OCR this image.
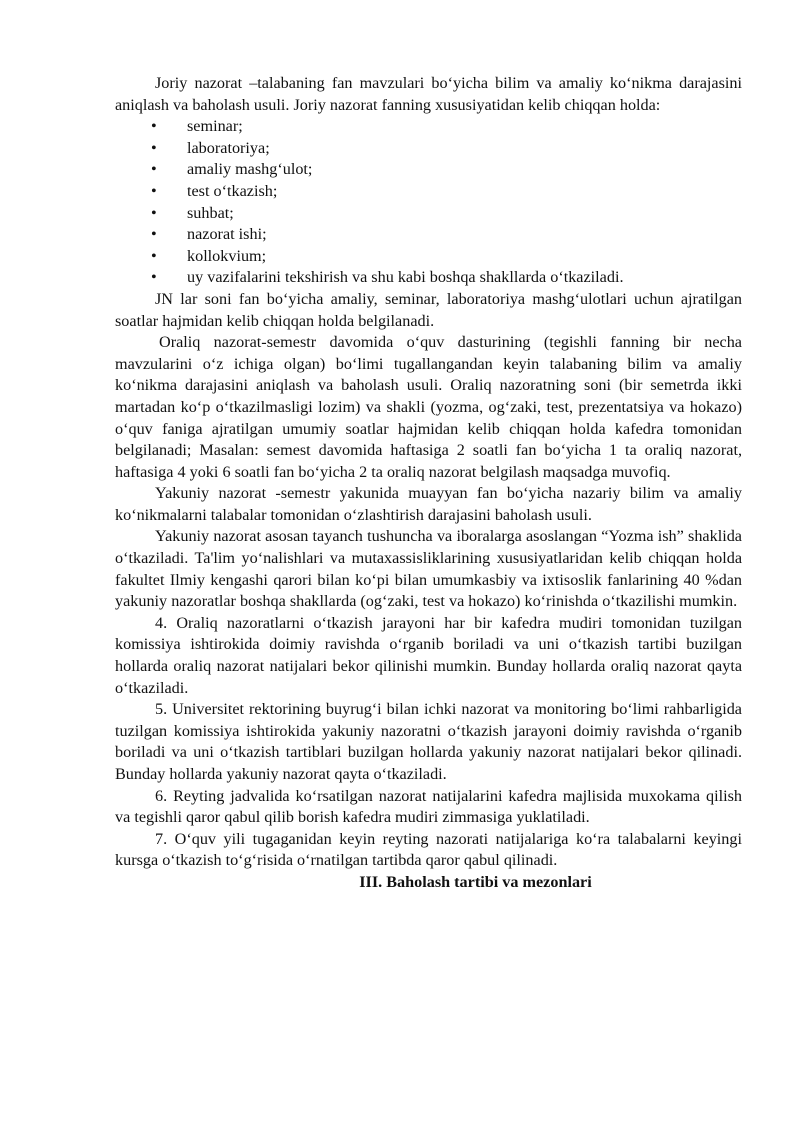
Joriy nazorat –talabaning fan mavzulari bo‘yicha bilim va amaliy ko‘nikma darajasini aniqlash va baholash usuli. Joriy nazorat fanning xususiyatidan kelib chiqqan holda:

• seminar;
• laboratoriya;
• amaliy mashg‘ulot;
• test o‘tkazish;
• suhbat;
• nazorat ishi;
• kollokvium;
• uy vazifalarini tekshirish va shu kabi boshqa shakllarda o‘tkaziladi.

JN lar soni fan bo‘yicha amaliy, seminar, laboratoriya mashg‘ulotlari uchun ajratilgan soatlar hajmidan kelib chiqqan holda belgilanadi.

Oraliq nazorat-semestr davomida o‘quv dasturining (tegishli fanning bir necha mavzularini o‘z ichiga olgan) bo‘limi tugallangandan keyin talabaning bilim va amaliy ko‘nikma darajasini aniqlash va baholash usuli. Oraliq nazoratning soni (bir semetrda ikki martadan ko‘p o‘tkazilmasligi lozim) va shakli (yozma, og‘zaki, test, prezentatsiya va hokazo) o‘quv faniga ajratilgan umumiy soatlar hajmidan kelib chiqqan holda kafedra tomonidan belgilanadi; Masalan: semest davomida haftasiga 2 soatli fan bo‘yicha 1 ta oraliq nazorat, haftasiga 4 yoki 6 soatli fan bo‘yicha 2 ta oraliq nazorat belgilash maqsadga muvofiq.

Yakuniy nazorat -semestr yakunida muayyan fan bo‘yicha nazariy bilim va amaliy ko‘nikmalarni talabalar tomonidan o‘zlashtirish darajasini baholash usuli.

Yakuniy nazorat asosan tayanch tushuncha va iboralarga asoslangan “Yozma ish” shaklida o‘tkaziladi. Ta'lim yo‘nalishlari va mutaxassisliklarining xususiyatlaridan kelib chiqqan holda fakultet Ilmiy kengashi qarori bilan ko‘pi bilan umumkasbiy va ixtisoslik fanlarining 40 %dan yakuniy nazoratlar boshqa shakllarda (og‘zaki, test va hokazo) ko‘rinishda o‘tkazilishi mumkin.

4. Oraliq nazoratlarni o‘tkazish jarayoni har bir kafedra mudiri tomonidan tuzilgan komissiya ishtirokida doimiy ravishda o‘rganib boriladi va uni o‘tkazish tartibi buzilgan hollarda oraliq nazorat natijalari bekor qilinishi mumkin. Bunday hollarda oraliq nazorat qayta o‘tkaziladi.

5. Universitet rektorining buyrug‘i bilan ichki nazorat va monitoring bo‘limi rahbarligida tuzilgan komissiya ishtirokida yakuniy nazoratni o‘tkazish jarayoni doimiy ravishda o‘rganib boriladi va uni o‘tkazish tartiblari buzilgan hollarda yakuniy nazorat natijalari bekor qilinadi. Bunday hollarda yakuniy nazorat qayta o‘tkaziladi.

6. Reyting jadvalida ko‘rsatilgan nazorat natijalarini kafedra majlisida muxokama qilish va tegishli qaror qabul qilib borish kafedra mudiri zimmasiga yuklatiladi.

7. O‘quv yili tugaganidan keyin reyting nazorati natijalariga ko‘ra talabalarni keyingi kursga o‘tkazish to‘g‘risida o‘rnatilgan tartibda qaror qabul qilinadi.

III. Baholash tartibi va mezonlari
